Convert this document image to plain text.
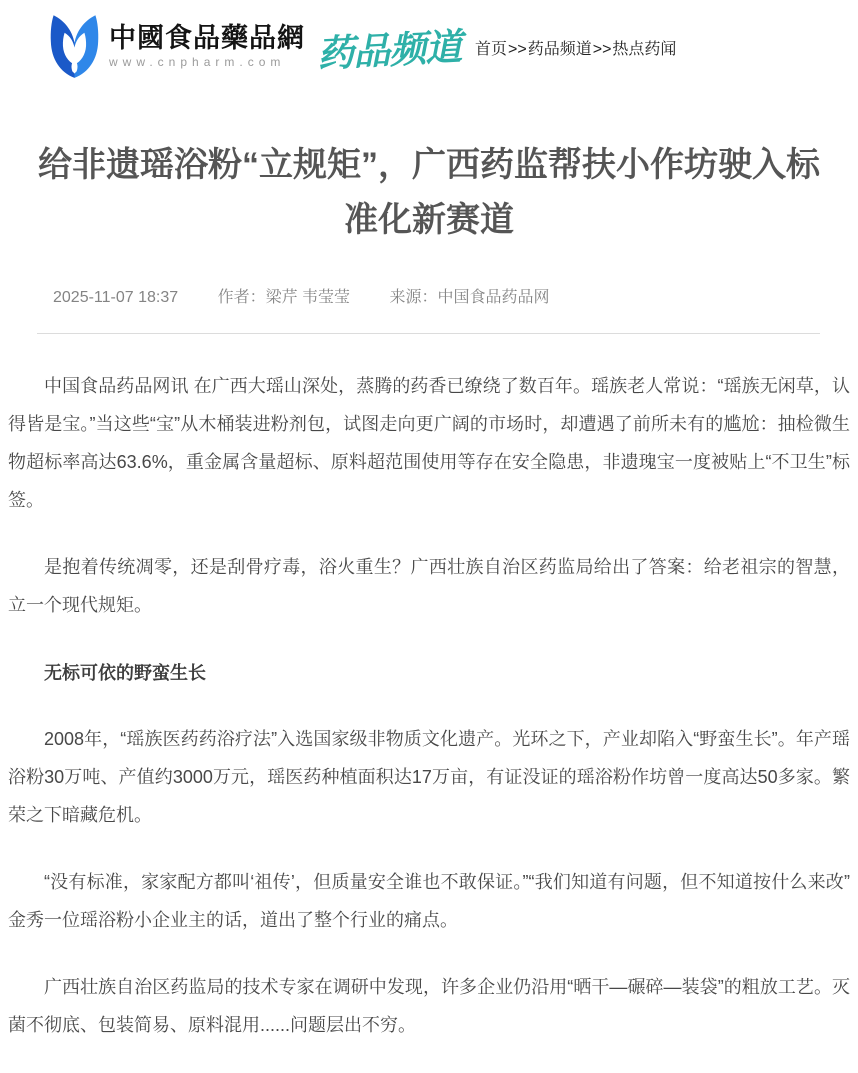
中國食品藥品網
www.cnpharm.com 药品频道 首页>>药品频道>>热点药闻
给非遗瑶浴粉“立规矩”，广西药监帮扶小作坊驶入标准化新赛道
2025-11-07 18:37 作者：梁芹 韦莹莹 来源：中国食品药品网

中国食品药品网讯 在广西大瑶山深处，蒸腾的药香已缭绕了数百年。瑶族老人常说：“瑶族无闲草，认得皆是宝。”当这些“宝”从木桶装进粉剂包，试图走向更广阔的市场时，却遭遇了前所未有的尴尬：抽检微生物超标率高达63.6%，重金属含量超标、原料超范围使用等存在安全隐患，非遗瑰宝一度被贴上“不卫生”标签。

是抱着传统凋零，还是刮骨疗毒，浴火重生？广西壮族自治区药监局给出了答案：给老祖宗的智慧，立一个现代规矩。

无标可依的野蛮生长

2008年，“瑶族医药药浴疗法”入选国家级非物质文化遗产。光环之下，产业却陷入“野蛮生长”。年产瑶浴粉30万吨、产值约3000万元，瑶医药种植面积达17万亩，有证没证的瑶浴粉作坊曾一度高达50多家。繁荣之下暗藏危机。

“没有标准，家家配方都叫‘祖传’，但质量安全谁也不敢保证。”“我们知道有问题，但不知道按什么来改”金秀一位瑶浴粉小企业主的话，道出了整个行业的痛点。

广西壮族自治区药监局的技术专家在调研中发现，许多企业仍沿用“晒干—碾碎—装袋”的粗放工艺。灭菌不彻底、包装简易、原料混用......问题层出不穷。
